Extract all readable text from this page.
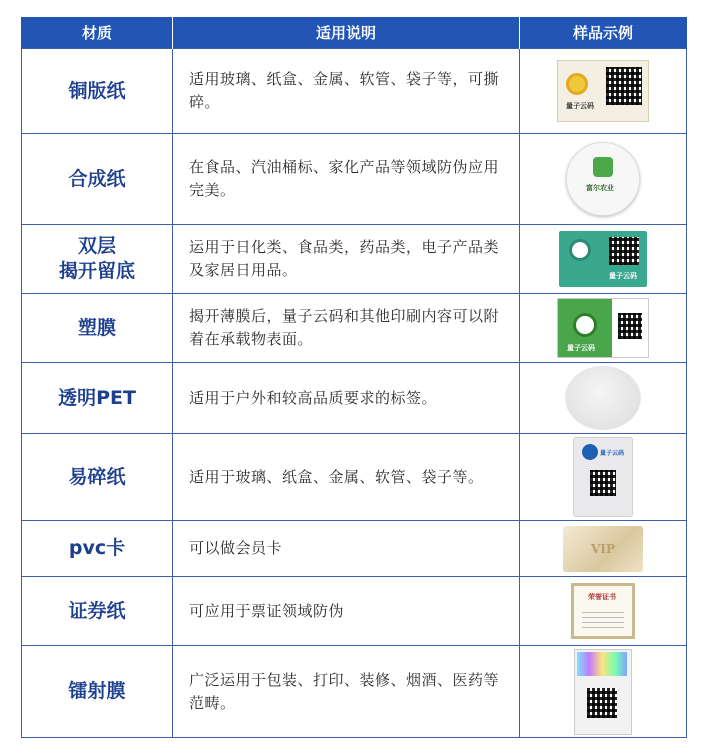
材质	适用说明	样品示例
铜版纸	适用玻璃、纸盒、金属、软管、袋子等，可撕碎。	量子云码

合成纸	在食品、汽油桶标、家化产品等领域防伪应用完美。	富尔农业

双层
揭开留底	运用于日化类、食品类，药品类，电子产品类及家居日用品。	量子云码

塑膜	揭开薄膜后，量子云码和其他印刷内容可以附着在承载物表面。	量子云码

透明PET	适用于户外和较高品质要求的标签。	
易碎纸	适用于玻璃、纸盒、金属、软管、袋子等。	量子云码

pvc卡	可以做会员卡	VIP

证券纸	可应用于票证领域防伪	荣誉证书

镭射膜	广泛运用于包装、打印、装修、烟酒、医药等范畴。	
